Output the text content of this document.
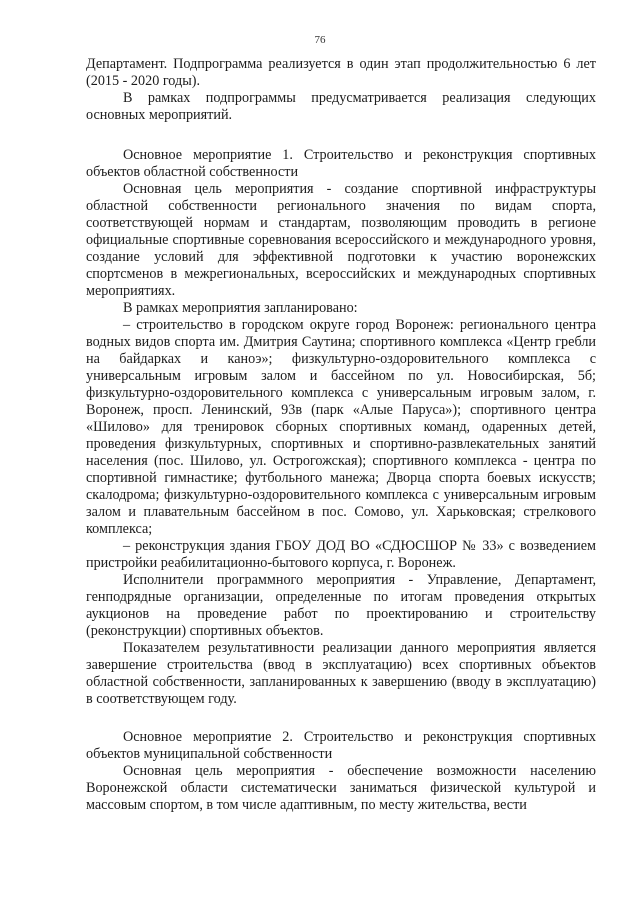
76

Департамент. Подпрограмма реализуется в один этап продолжительностью 6 лет (2015 - 2020 годы).

В рамках подпрограммы предусматривается реализация следующих основных мероприятий.

Основное мероприятие 1. Строительство и реконструкция спортивных объектов областной собственности

Основная цель мероприятия - создание спортивной инфраструктуры областной собственности регионального значения по видам спорта, соответствующей нормам и стандартам, позволяющим проводить в регионе официальные спортивные соревнования всероссийского и международного уровня, создание условий для эффективной подготовки к участию воронежских спортсменов в межрегиональных, всероссийских и международных спортивных мероприятиях.

В рамках мероприятия запланировано:

– строительство в городском округе город Воронеж: регионального центра водных видов спорта им. Дмитрия Саутина; спортивного комплекса «Центр гребли на байдарках и каноэ»; физкультурно-оздоровительного комплекса с универсальным игровым залом и бассейном по ул. Новосибирская, 5б; физкультурно-оздоровительного комплекса с универсальным игровым залом, г. Воронеж, просп. Ленинский, 93в (парк «Алые Паруса»); спортивного центра «Шилово» для тренировок сборных спортивных команд, одаренных детей, проведения физкультурных, спортивных и спортивно-развлекательных занятий населения (пос. Шилово, ул. Острогожская); спортивного комплекса - центра по спортивной гимнастике; футбольного манежа; Дворца спорта боевых искусств; скалодрома; физкультурно-оздоровительного комплекса с универсальным игровым залом и плавательным бассейном в пос. Сомово, ул. Харьковская; стрелкового комплекса;

– реконструкция здания ГБОУ ДОД ВО «СДЮСШОР № 33» с возведением пристройки реабилитационно-бытового корпуса, г. Воронеж.

Исполнители программного мероприятия - Управление, Департамент, генподрядные организации, определенные по итогам проведения открытых аукционов на проведение работ по проектированию и строительству (реконструкции) спортивных объектов.

Показателем результативности реализации данного мероприятия является завершение строительства (ввод в эксплуатацию) всех спортивных объектов областной собственности, запланированных к завершению (вводу в эксплуатацию) в соответствующем году.

Основное мероприятие 2. Строительство и реконструкция спортивных объектов муниципальной собственности

Основная цель мероприятия - обеспечение возможности населению Воронежской области систематически заниматься физической культурой и массовым спортом, в том числе адаптивным, по месту жительства, вести
